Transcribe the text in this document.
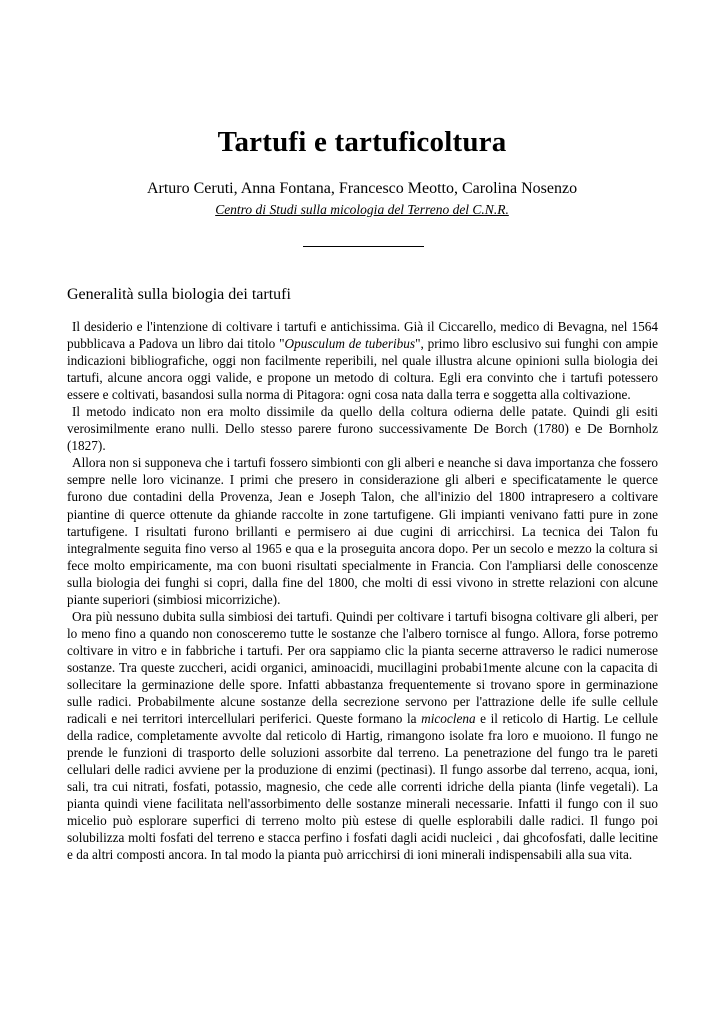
Tartufi e tartuficoltura
Arturo Ceruti, Anna Fontana, Francesco Meotto, Carolina Nosenzo
Centro di Studi sulla micologia del Terreno del C.N.R.
Generalità sulla biologia dei tartufi

Il desiderio e l'intenzione di coltivare i tartufi e antichissima. Già il Ciccarello, medico di Bevagna, nel 1564 pubblicava a Padova un libro dai titolo "Opusculum de tuberibus", primo libro esclusivo sui funghi con ampie indicazioni bibliografiche, oggi non facilmente reperibili, nel quale illustra alcune opinioni sulla biologia dei tartufi, alcune ancora oggi valide, e propone un metodo di coltura. Egli era convinto che i tartufi potessero essere e coltivati, basandosi sulla norma di Pitagora: ogni cosa nata dalla terra e soggetta alla coltivazione.

Il metodo indicato non era molto dissimile da quello della coltura odierna delle patate. Quindi gli esiti verosimilmente erano nulli. Dello stesso parere furono successivamente De Borch (1780) e De Bornholz (1827).

Allora non si supponeva che i tartufi fossero simbionti con gli alberi e neanche si dava importanza che fossero sempre nelle loro vicinanze. I primi che presero in considerazione gli alberi e specificatamente le querce furono due contadini della Provenza, Jean e Joseph Talon, che all'inizio del 1800 intrapresero a coltivare piantine di querce ottenute da ghiande raccolte in zone tartufigene. Gli impianti venivano fatti pure in zone tartufigene. I risultati furono brillanti e permisero ai due cugini di arricchirsi. La tecnica dei Talon fu integralmente seguita fino verso al 1965 e qua e la proseguita ancora dopo. Per un secolo e mezzo la coltura si fece molto empiricamente, ma con buoni risultati specialmente in Francia. Con l'ampliarsi delle conoscenze sulla biologia dei funghi si copri, dalla fine del 1800, che molti di essi vivono in strette relazioni con alcune piante superiori (simbiosi micorriziche).

Ora più nessuno dubita sulla simbiosi dei tartufi. Quindi per coltivare i tartufi bisogna coltivare gli alberi, per lo meno fino a quando non conosceremo tutte le sostanze che l'albero tornisce al fungo. Allora, forse potremo coltivare in vitro e in fabbriche i tartufi. Per ora sappiamo clic la pianta secerne attraverso le radici numerose sostanze. Tra queste zuccheri, acidi organici, aminoacidi, mucillagini probabi1mente alcune con la capacita di sollecitare la germinazione delle spore. Infatti abbastanza frequentemente si trovano spore in germinazione sulle radici. Probabilmente alcune sostanze della secrezione servono per l'attrazione delle ife sulle cellule radicali e nei territori intercellulari periferici. Queste formano la micoclena e il reticolo di Hartig. Le cellule della radice, completamente avvolte dal reticolo di Hartig, rimangono isolate fra loro e muoiono. Il fungo ne prende le funzioni di trasporto delle soluzioni assorbite dal terreno. La penetrazione del fungo tra le pareti cellulari delle radici avviene per la produzione di enzimi (pectinasi). Il fungo assorbe dal terreno, acqua, ioni, sali, tra cui nitrati, fosfati, potassio, magnesio, che cede alle correnti idriche della pianta (linfe vegetali). La pianta quindi viene facilitata nell'assorbimento delle sostanze minerali necessarie. Infatti il fungo con il suo micelio può esplorare superfici di terreno molto più estese di quelle esplorabili dalle radici. Il fungo poi solubilizza molti fosfati del terreno e stacca perfino i fosfati dagli acidi nucleici , dai ghcofosfati, dalle lecitine e da altri composti ancora. In tal modo la pianta può arricchirsi di ioni minerali indispensabili alla sua vita.
